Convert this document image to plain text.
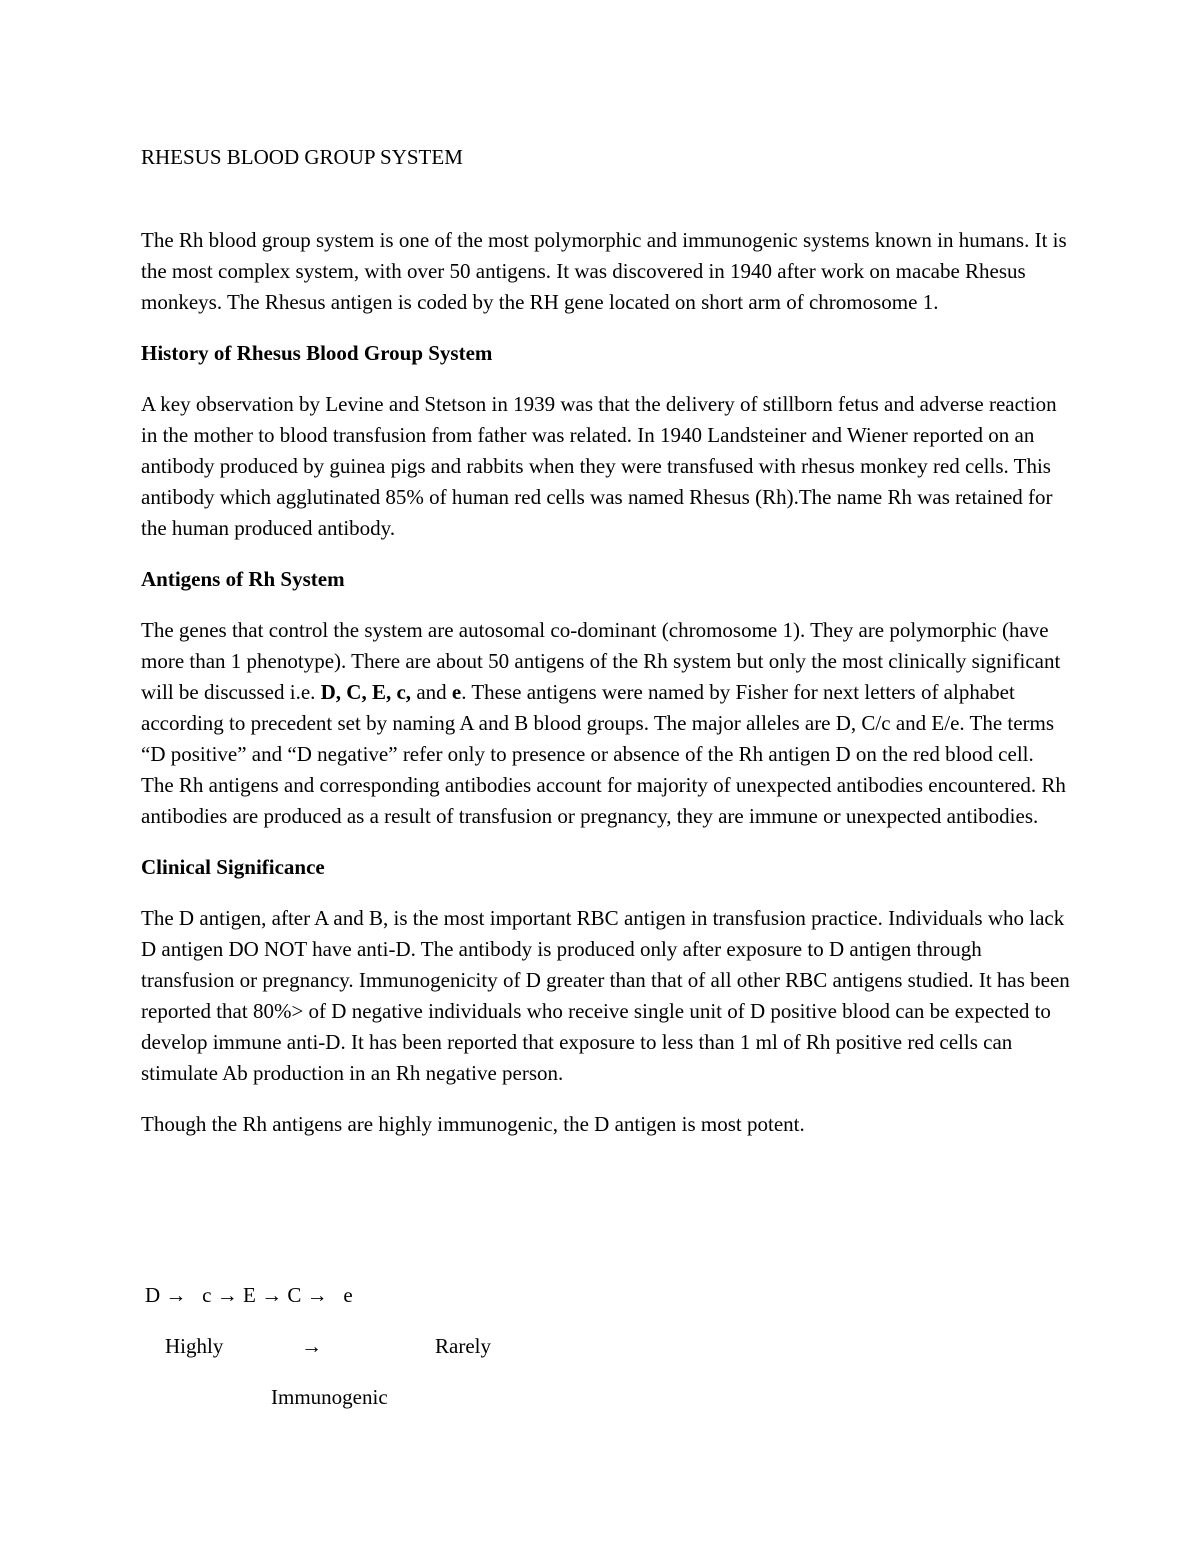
RHESUS BLOOD GROUP SYSTEM

The Rh blood group system is one of the most polymorphic and immunogenic systems known in humans. It is the most complex system, with over 50 antigens. It was discovered in 1940 after work on macabe Rhesus monkeys. The Rhesus antigen is coded by the RH gene located on short arm of chromosome 1.

History of Rhesus Blood Group System

A key observation by Levine and Stetson in 1939 was that the delivery of stillborn fetus and adverse reaction in the mother to blood transfusion from father was related. In 1940 Landsteiner and Wiener reported on an antibody produced by guinea pigs and rabbits when they were transfused with rhesus monkey red cells. This antibody which agglutinated 85% of human red cells was named Rhesus (Rh).The name Rh was retained for the human produced antibody.

Antigens of Rh System

The genes that control the system are autosomal co-dominant (chromosome 1). They are polymorphic (have more than 1 phenotype). There are about 50 antigens of the Rh system but only the most clinically significant will be discussed i.e. D, C, E, c, and e. These antigens were named by Fisher for next letters of alphabet according to precedent set by naming A and B blood groups. The major alleles are D, C/c and E/e. The terms “D positive” and “D negative” refer only to presence or absence of the Rh antigen D on the red blood cell. The Rh antigens and corresponding antibodies account for majority of unexpected antibodies encountered. Rh antibodies are produced as a result of transfusion or pregnancy, they are immune or unexpected antibodies.

Clinical Significance

The D antigen, after A and B, is the most important RBC antigen in transfusion practice. Individuals who lack D antigen DO NOT have anti-D. The antibody is produced only after exposure to D antigen through transfusion or pregnancy. Immunogenicity of D greater than that of all other RBC antigens studied. It has been reported that 80%> of D negative individuals who receive single unit of D positive blood can be expected to develop immune anti-D. It has been reported that exposure to less than 1 ml of Rh positive red cells can stimulate Ab production in an Rh negative person.

Though the Rh antigens are highly immunogenic, the D antigen is most potent.

D →   c → E → C →   e
Highly	→	Rarely
Immunogenic
